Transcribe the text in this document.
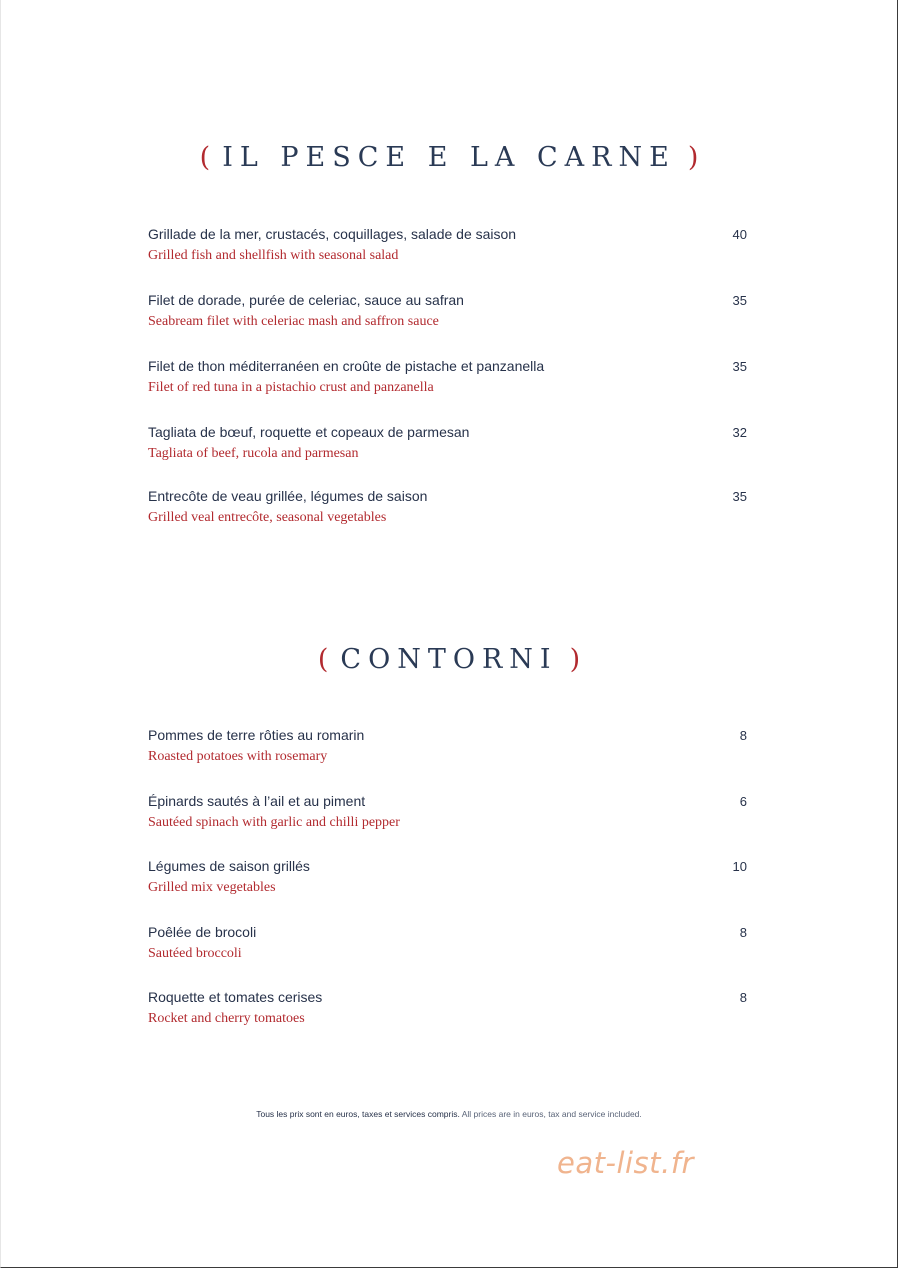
( IL PESCE E LA CARNE )
Grillade de la mer, crustacés, coquillages, salade de saison
Grilled fish and shellfish with seasonal salad
40
Filet de dorade, purée de celeriac, sauce au safran
Seabream filet with celeriac mash and saffron sauce
35
Filet de thon méditerranéen en croûte de pistache et panzanella
Filet of red tuna in a pistachio crust and panzanella
35
Tagliata de bœuf, roquette et copeaux de parmesan
Tagliata of beef, rucola and parmesan
32
Entrecôte de veau grillée, légumes de saison
Grilled veal entrecôte, seasonal vegetables
35
( CONTORNI )
Pommes de terre rôties au romarin
Roasted potatoes with rosemary
8
Épinards sautés à l’ail et au piment
Sautéed spinach with garlic and chilli pepper
6
Légumes de saison grillés
Grilled mix vegetables
10
Poêlée de brocoli
Sautéed broccoli
8
Roquette et tomates cerises
Rocket and cherry tomatoes
8
Tous les prix sont en euros, taxes et services compris. All prices are in euros, tax and service included.
eat-list.fr
